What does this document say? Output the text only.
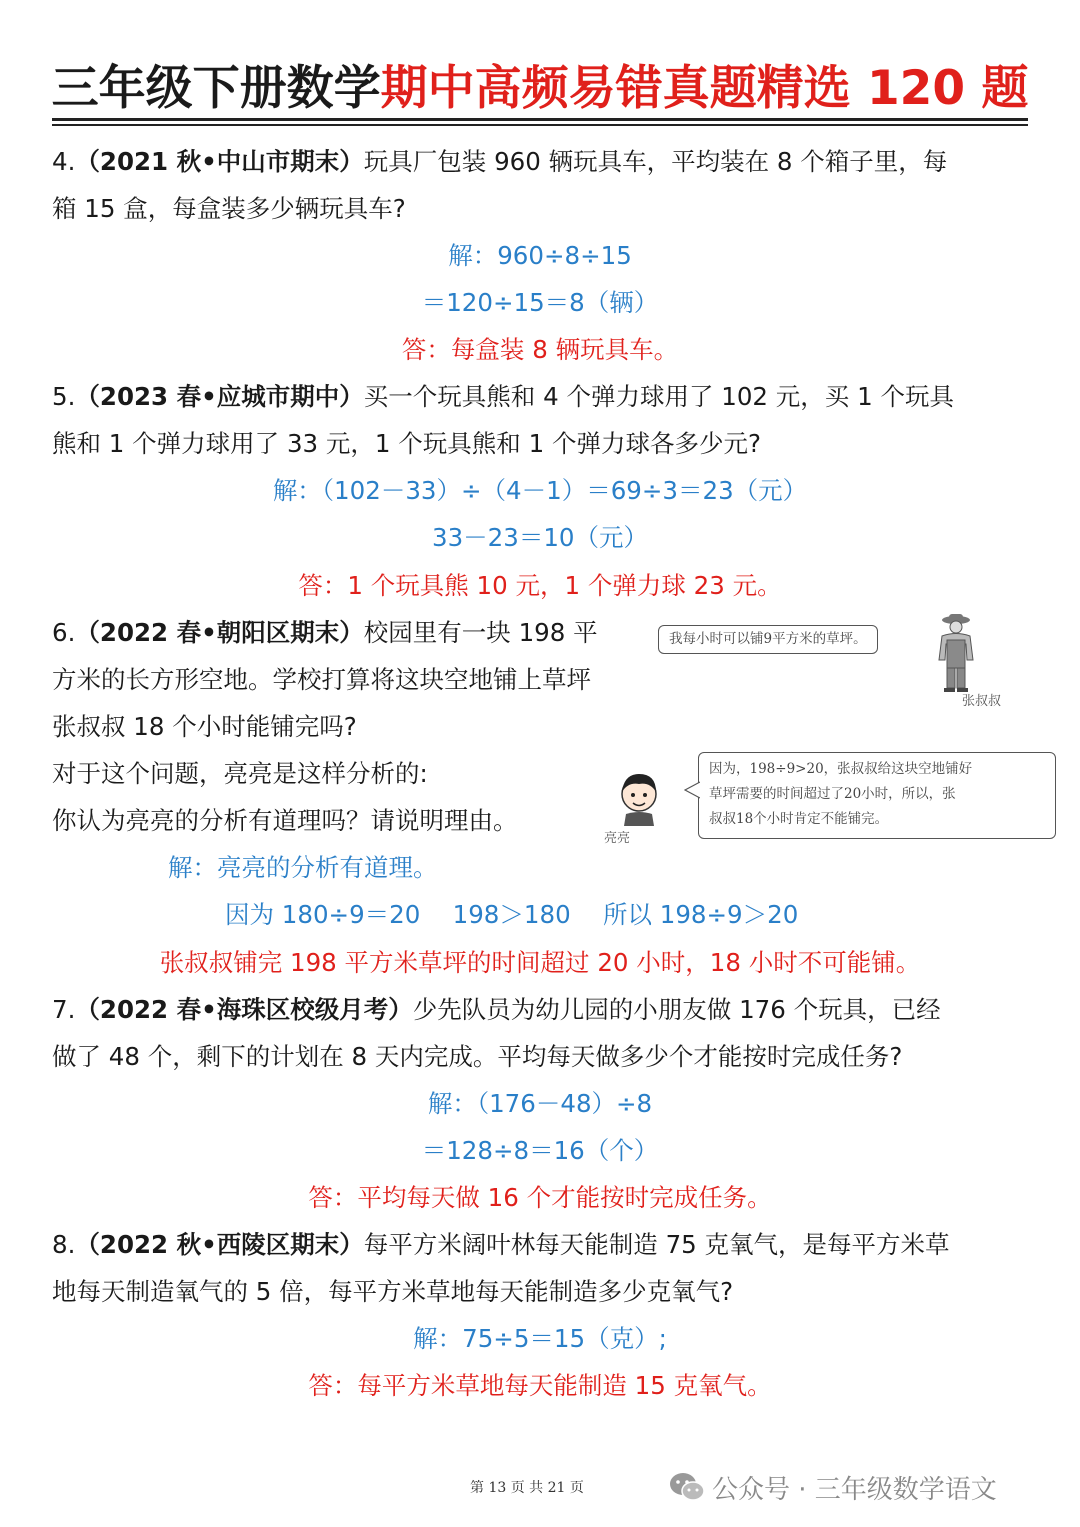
三年级下册数学期中高频易错真题精选 120 题
4.（2021 秋•中山市期末）玩具厂包装 960 辆玩具车，平均装在 8 个箱子里，每
箱 15 盒，每盒装多少辆玩具车?
解：960÷8÷15
＝120÷15＝8（辆）
答：每盒装 8 辆玩具车。
5.（2023 春•应城市期中）买一个玩具熊和 4 个弹力球用了 102 元，买 1 个玩具
熊和 1 个弹力球用了 33 元，1 个玩具熊和 1 个弹力球各多少元?
解：（102－33）÷（4－1）＝69÷3＝23（元）
33－23＝10（元）
答：1 个玩具熊 10 元，1 个弹力球 23 元。
6.（2022 春•朝阳区期末）校园里有一块 198 平
方米的长方形空地。学校打算将这块空地铺上草坪
张叔叔 18 个小时能铺完吗?
对于这个问题，亮亮是这样分析的:
你认为亮亮的分析有道理吗？请说明理由。
我每小时可以铺9平方米的草坪。
张叔叔
亮亮
因为，198÷9>20，张叔叔给这块空地铺好
草坪需要的时间超过了20小时，所以，张
叔叔18个小时肯定不能铺完。
解：亮亮的分析有道理。
因为 180÷9＝20　 198＞180　 所以 198÷9＞20
张叔叔铺完 198 平方米草坪的时间超过 20 小时，18 小时不可能铺。
7.（2022 春•海珠区校级月考）少先队员为幼儿园的小朋友做 176 个玩具，已经
做了 48 个，剩下的计划在 8 天内完成。平均每天做多少个才能按时完成任务?
解：（176－48）÷8
＝128÷8＝16（个）
答：平均每天做 16 个才能按时完成任务。
8.（2022 秋•西陵区期末）每平方米阔叶林每天能制造 75 克氧气，是每平方米草
地每天制造氧气的 5 倍，每平方米草地每天能制造多少克氧气?
解：75÷5＝15（克）;
答：每平方米草地每天能制造 15 克氧气。
第 13 页 共 21 页	公众号 · 三年级数学语文
